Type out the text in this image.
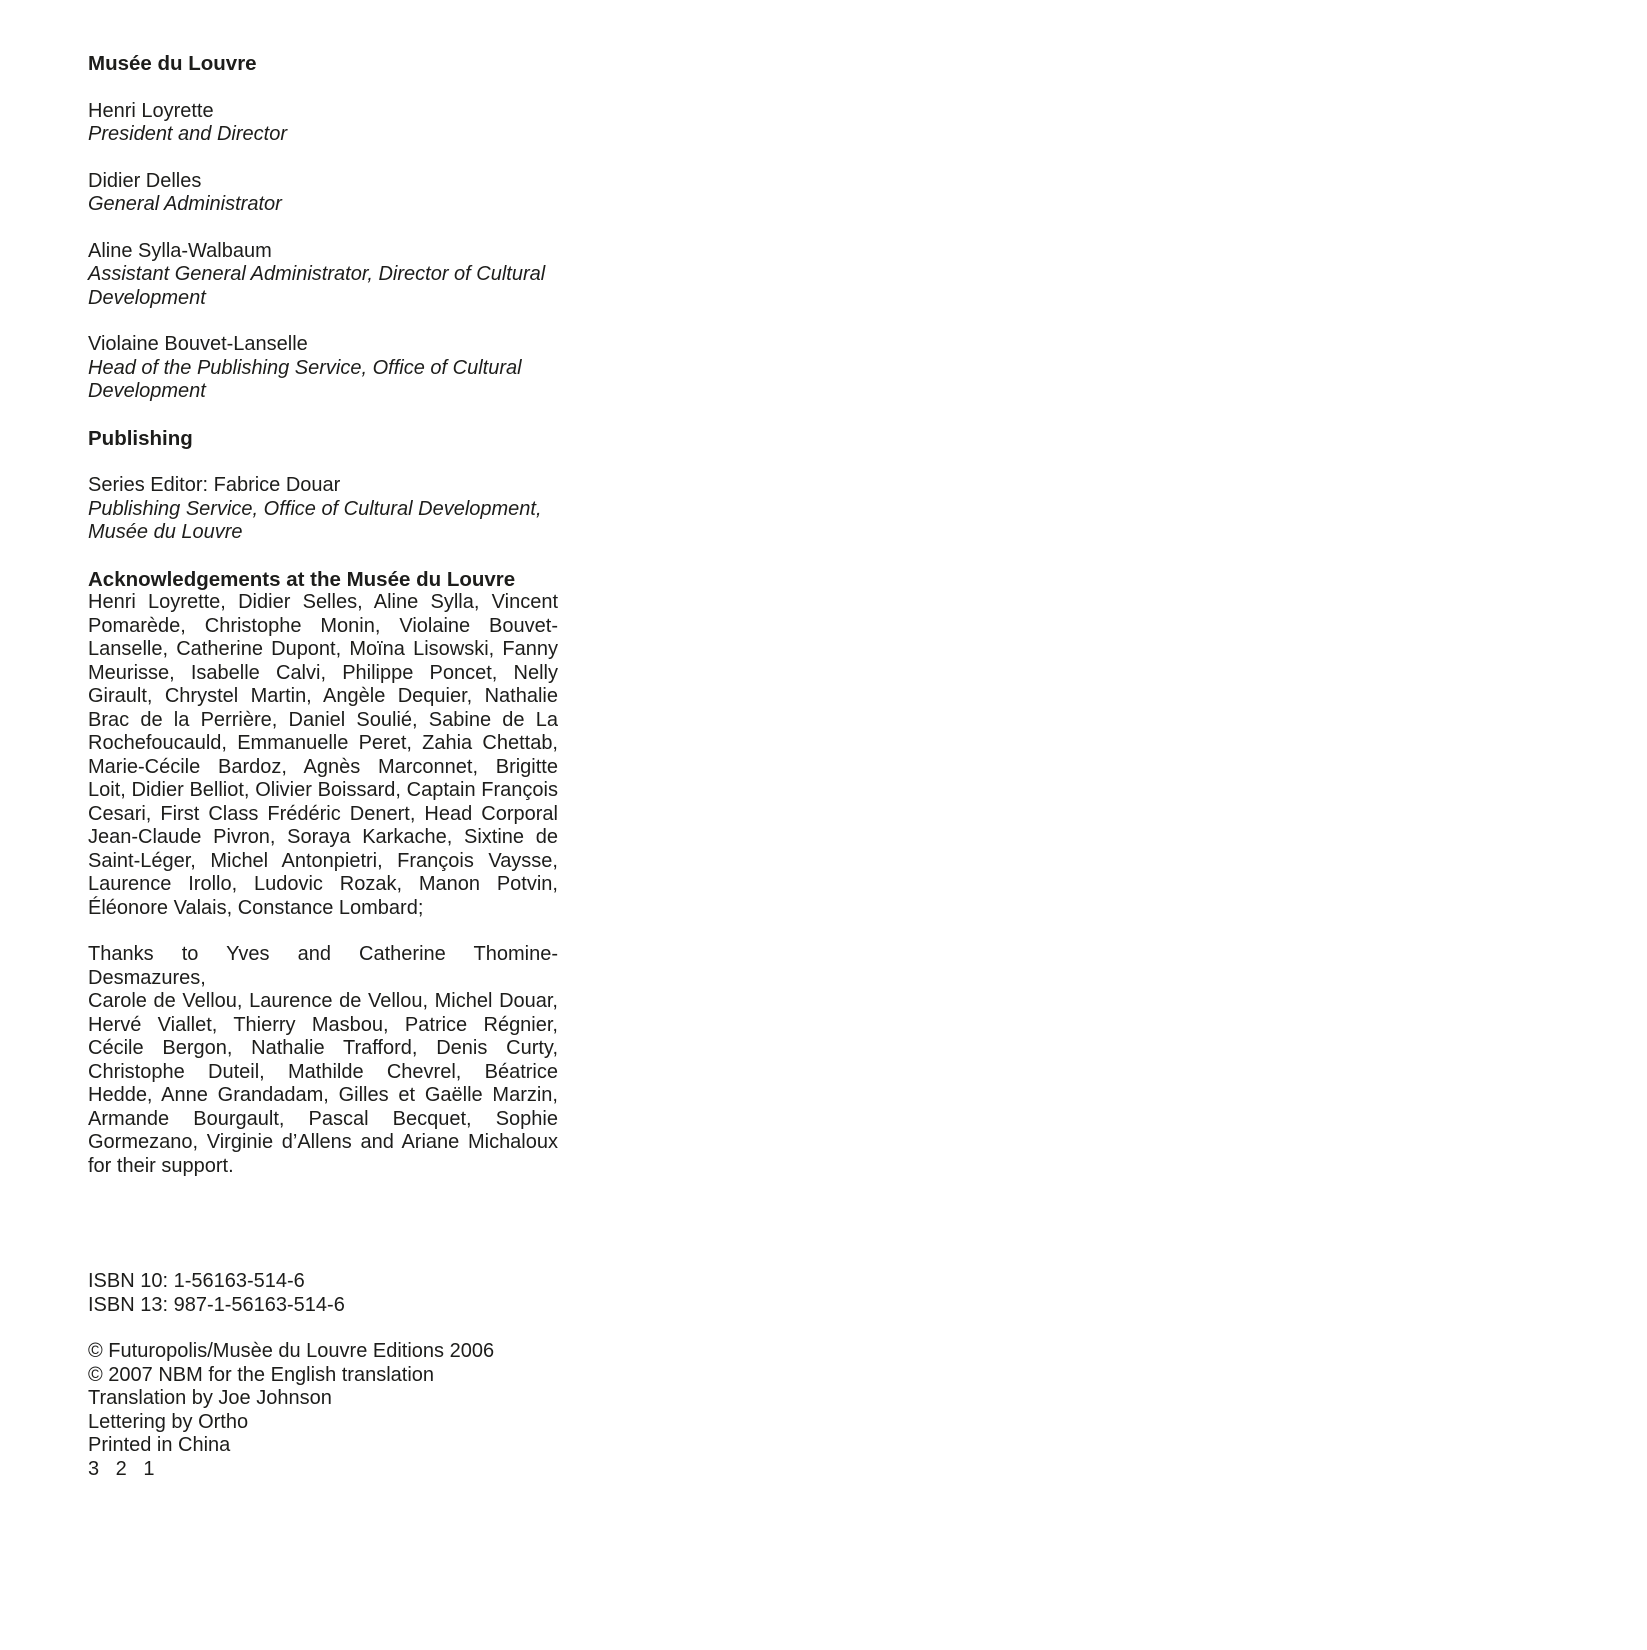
Musée du Louvre
Henri Loyrette
President and Director
Didier Delles
General Administrator
Aline Sylla-Walbaum
Assistant General Administrator, Director of Cultural Development
Violaine Bouvet-Lanselle
Head of the Publishing Service, Office of Cultural Development
Publishing
Series Editor: Fabrice Douar
Publishing Service, Office of Cultural Development, Musée du Louvre
Acknowledgements at the Musée du Louvre
Henri Loyrette, Didier Selles, Aline Sylla, Vincent
Pomarède, Christophe Monin, Violaine Bouvet-
Lanselle, Catherine Dupont, Moïna Lisowski, Fanny
Meurisse, Isabelle Calvi, Philippe Poncet, Nelly
Girault, Chrystel Martin, Angèle Dequier, Nathalie
Brac de la Perrière, Daniel Soulié, Sabine de La
Rochefoucauld, Emmanuelle Peret, Zahia Chettab,
Marie-Cécile Bardoz, Agnès Marconnet, Brigitte
Loit, Didier Belliot, Olivier Boissard, Captain François
Cesari, First Class Frédéric Denert, Head Corporal
Jean-Claude Pivron, Soraya Karkache, Sixtine de
Saint-Léger, Michel Antonpietri, François Vaysse,
Laurence Irollo, Ludovic Rozak, Manon Potvin,
Éléonore Valais, Constance Lombard;
Thanks to Yves and Catherine Thomine-Desmazures,
Carole de Vellou, Laurence de Vellou, Michel Douar,
Hervé Viallet, Thierry Masbou, Patrice Régnier,
Cécile Bergon, Nathalie Trafford, Denis Curty,
Christophe Duteil, Mathilde Chevrel, Béatrice
Hedde, Anne Grandadam, Gilles et Gaëlle Marzin,
Armande Bourgault, Pascal Becquet, Sophie
Gormezano, Virginie d’Allens and Ariane Michaloux
for their support.
ISBN 10: 1-56163-514-6
ISBN 13: 987-1-56163-514-6
© Futuropolis/Musèe du Louvre Editions 2006
© 2007 NBM for the English translation
Translation by Joe Johnson
Lettering by Ortho
Printed in China
3 2 1
